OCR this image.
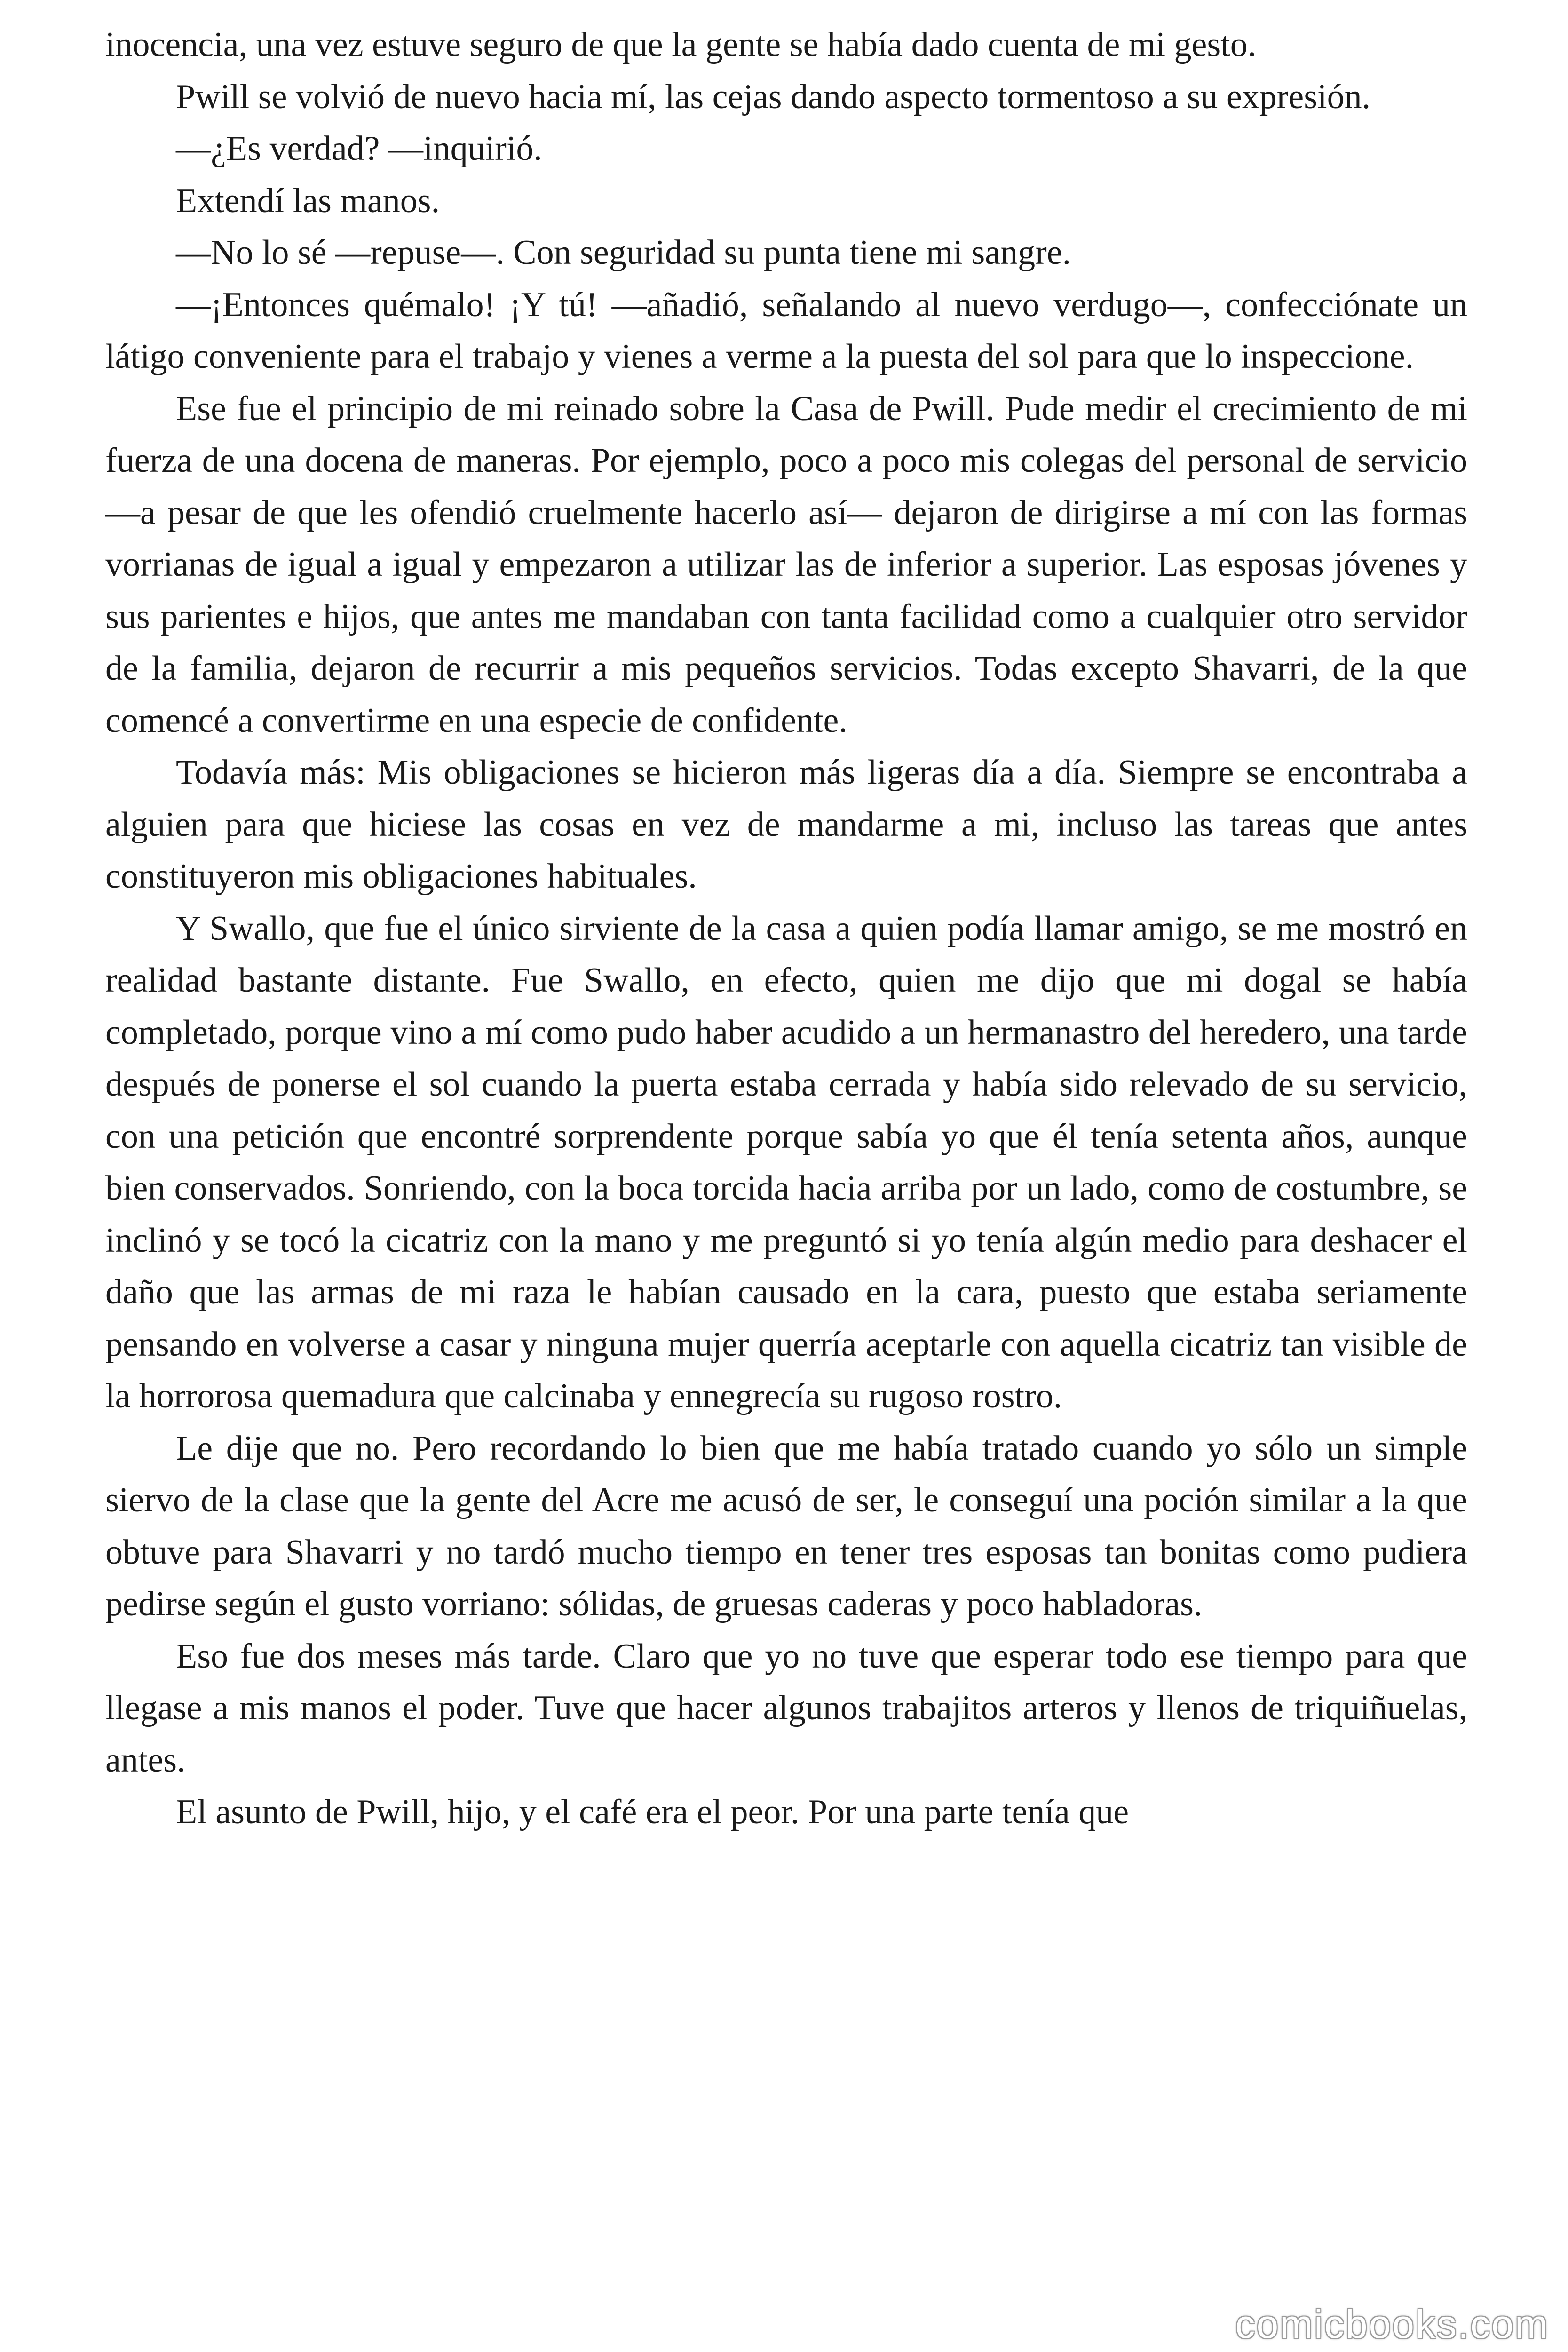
inocencia, una vez estuve seguro de que la gente se había dado cuenta de mi gesto.

Pwill se volvió de nuevo hacia mí, las cejas dando aspecto tormentoso a su expresión.

—¿Es verdad? —inquirió.

Extendí las manos.

—No lo sé —repuse—. Con seguridad su punta tiene mi sangre.

—¡Entonces quémalo! ¡Y tú! —añadió, señalando al nuevo verdugo—, confecciónate un látigo conveniente para el trabajo y vienes a verme a la puesta del sol para que lo inspeccione.

Ese fue el principio de mi reinado sobre la Casa de Pwill. Pude medir el crecimiento de mi fuerza de una docena de maneras. Por ejemplo, poco a poco mis colegas del personal de servicio —a pesar de que les ofendió cruelmente hacerlo así— dejaron de dirigirse a mí con las formas vorrianas de igual a igual y empezaron a utilizar las de inferior a superior. Las esposas jóvenes y sus parientes e hijos, que antes me mandaban con tanta facilidad como a cualquier otro servidor de la familia, dejaron de recurrir a mis pequeños servicios. Todas excepto Shavarri, de la que comencé a convertirme en una especie de confidente.

Todavía más: Mis obligaciones se hicieron más ligeras día a día. Siempre se encontraba a alguien para que hiciese las cosas en vez de mandarme a mi, incluso las tareas que antes constituyeron mis obligaciones habituales.

Y Swallo, que fue el único sirviente de la casa a quien podía llamar amigo, se me mostró en realidad bastante distante. Fue Swallo, en efecto, quien me dijo que mi dogal se había completado, porque vino a mí como pudo haber acudido a un hermanastro del heredero, una tarde después de ponerse el sol cuando la puerta estaba cerrada y había sido relevado de su servicio, con una petición que encontré sorprendente porque sabía yo que él tenía setenta años, aunque bien conservados. Sonriendo, con la boca torcida hacia arriba por un lado, como de costumbre, se inclinó y se tocó la cicatriz con la mano y me preguntó si yo tenía algún medio para deshacer el daño que las armas de mi raza le habían causado en la cara, puesto que estaba seriamente pensando en volverse a casar y ninguna mujer querría aceptarle con aquella cicatriz tan visible de la horrorosa quemadura que calcinaba y ennegrecía su rugoso rostro.

Le dije que no. Pero recordando lo bien que me había tratado cuando yo sólo un simple siervo de la clase que la gente del Acre me acusó de ser, le conseguí una poción similar a la que obtuve para Shavarri y no tardó mucho tiempo en tener tres esposas tan bonitas como pudiera pedirse según el gusto vorriano: sólidas, de gruesas caderas y poco habladoras.

Eso fue dos meses más tarde. Claro que yo no tuve que esperar todo ese tiempo para que llegase a mis manos el poder. Tuve que hacer algunos trabajitos arteros y llenos de triquiñuelas, antes.

El asunto de Pwill, hijo, y el café era el peor. Por una parte tenía que

comicbooks.com
